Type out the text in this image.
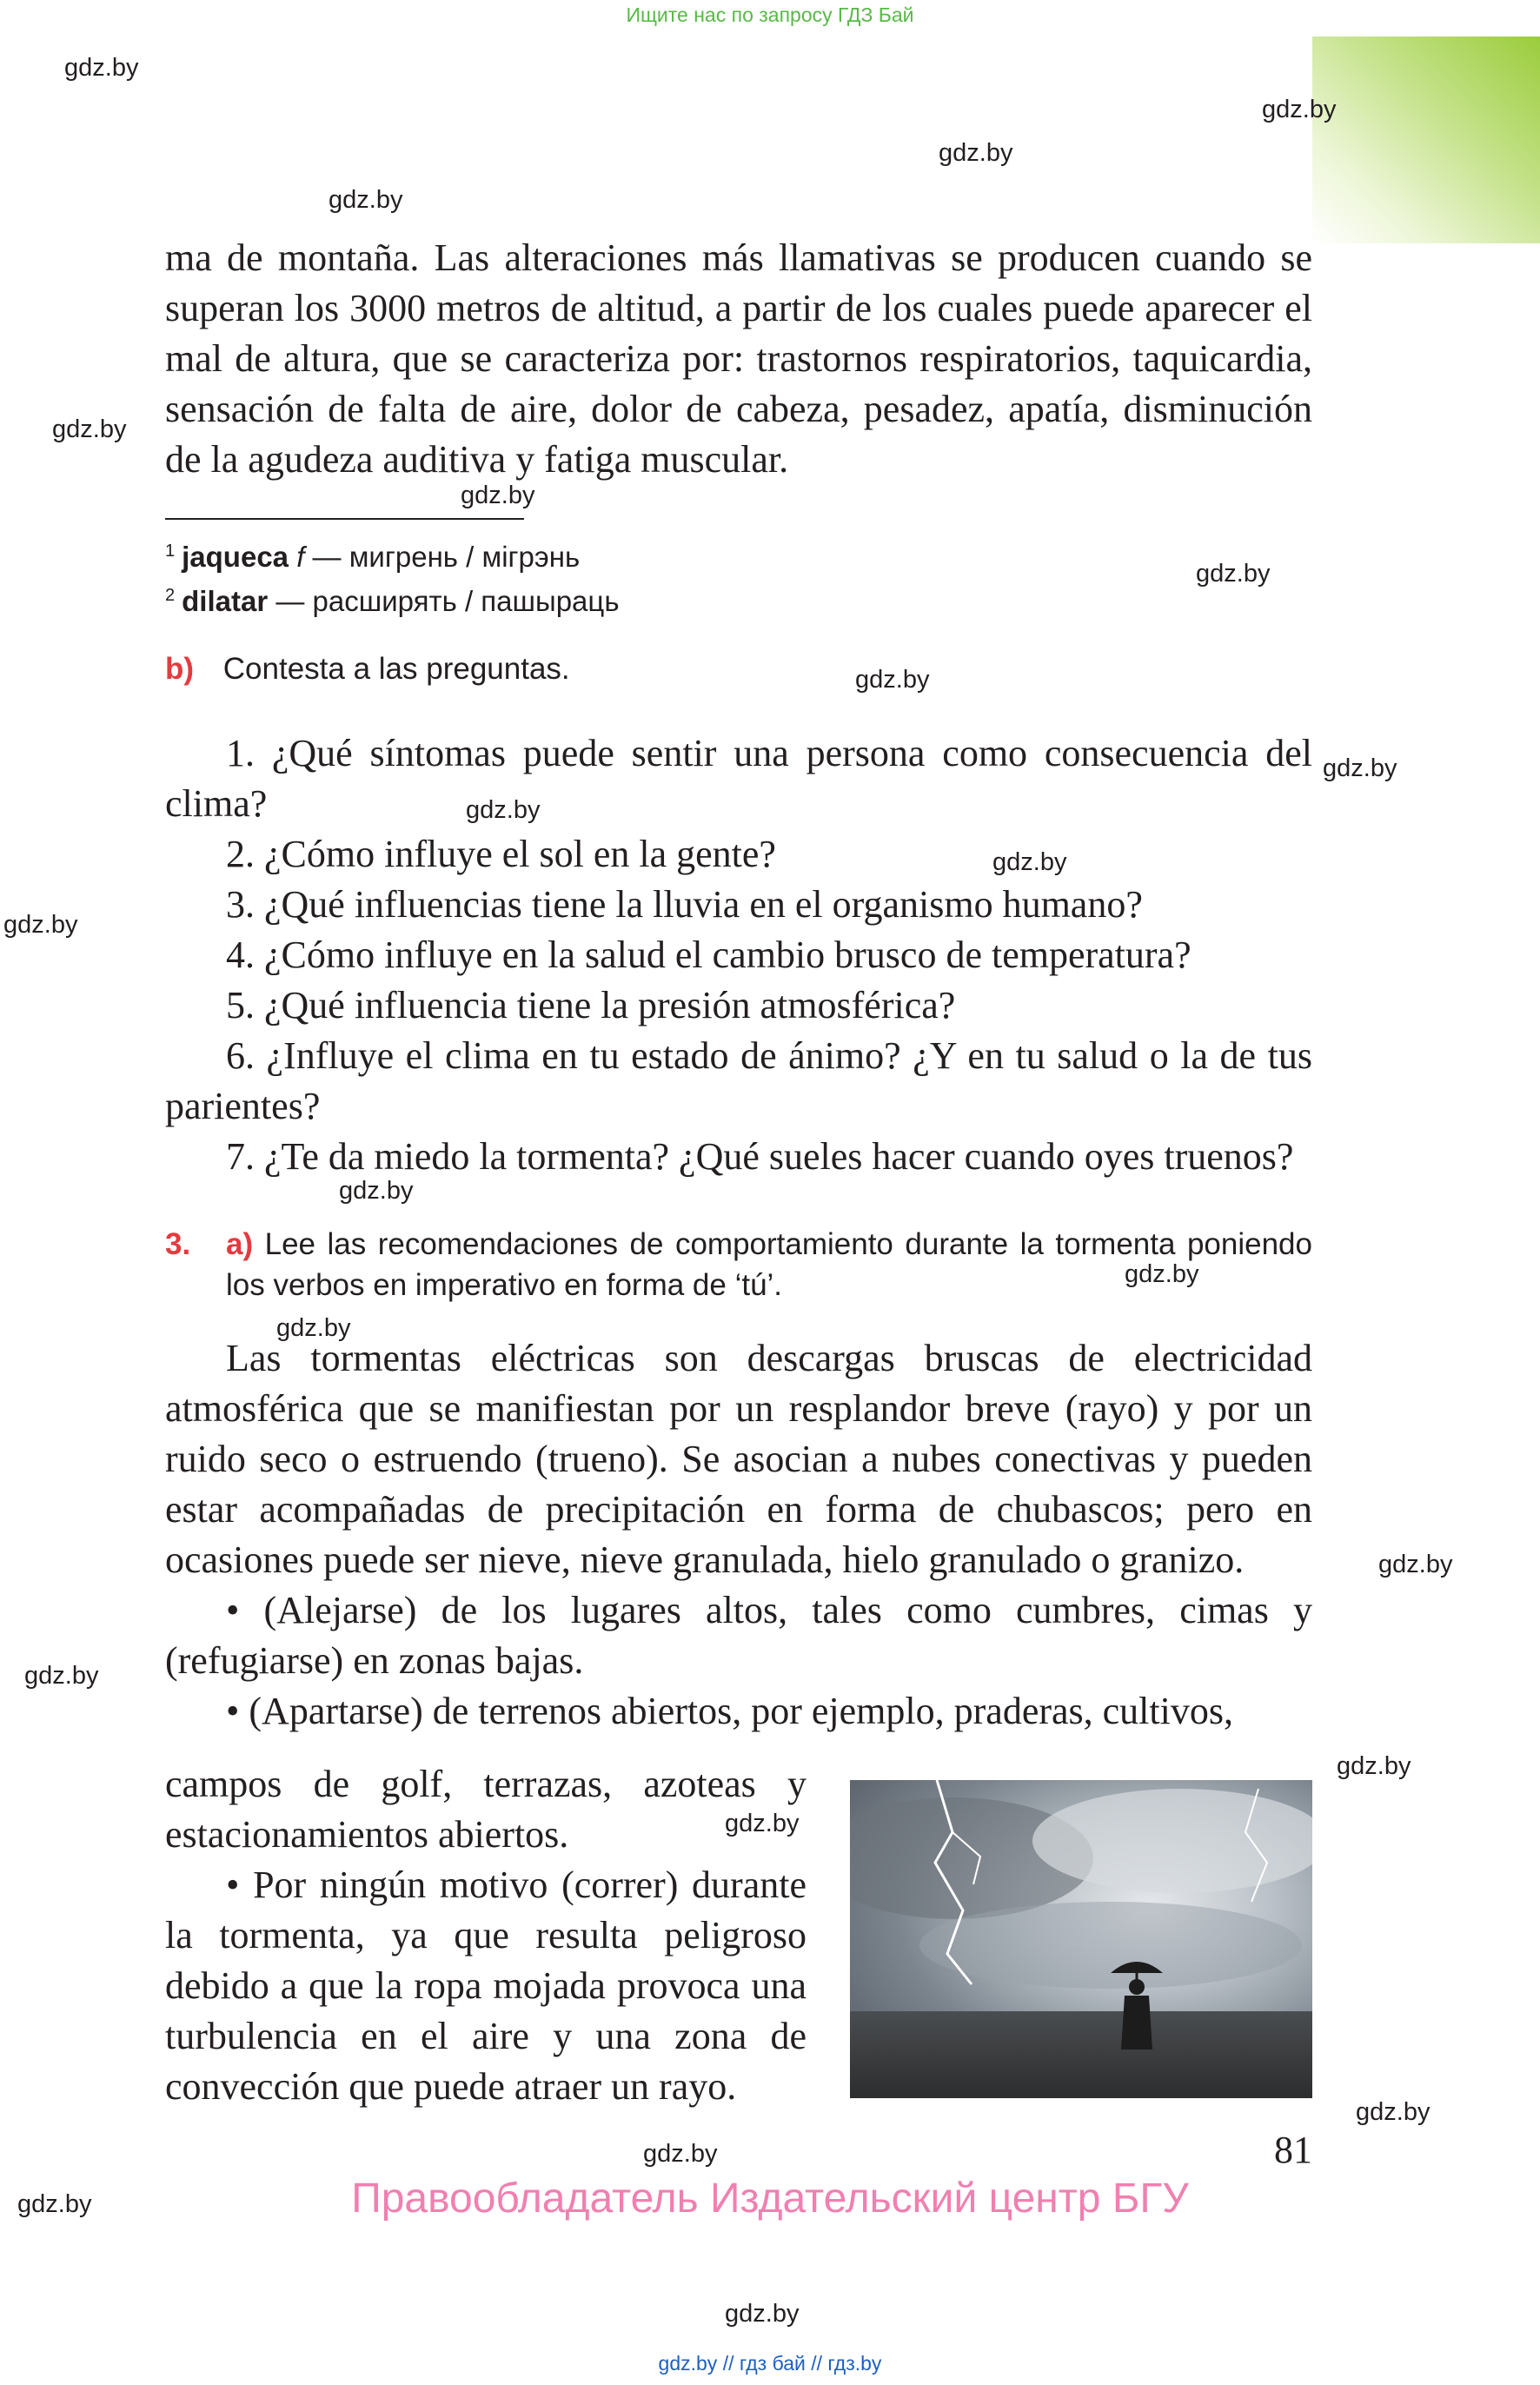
Ищите нас по запросу ГДЗ Бай
gdz.by
gdz.by
gdz.by
gdz.by
gdz.by
gdz.by
gdz.by
gdz.by
gdz.by
gdz.by
gdz.by
gdz.by
gdz.by
gdz.by
gdz.by
gdz.by
gdz.by
gdz.by
gdz.by
gdz.by
gdz.by
gdz.by
gdz.by
ma de montaña. Las alteraciones más llamativas se producen cuando se superan los 3000 metros de altitud, a partir de los cuales puede aparecer el mal de altura, que se caracteriza por: trastornos respiratorios, taquicardia, sensación de falta de aire, dolor de cabeza, pesadez, apatía, disminución de la agudeza auditiva y fatiga muscular.
$^1$ jaqueca f — мигрень / мігрэнь
$^2$ dilatar — расширять / пашыраць
b) Contesta a las preguntas.

1. ¿Qué síntomas puede sentir una persona como consecuencia del clima?

2. ¿Cómo influye el sol en la gente?

3. ¿Qué influencias tiene la lluvia en el organismo humano?

4. ¿Cómo influye en la salud el cambio brusco de temperatura?

5. ¿Qué influencia tiene la presión atmosférica?

6. ¿Influye el clima en tu estado de ánimo? ¿Y en tu salud o la de tus parientes?

7. ¿Te da miedo la tormenta? ¿Qué sueles hacer cuando oyes truenos?

3. a) Lee las recomendaciones de comportamiento durante la tormenta poniendo los verbos en imperativo en forma de ‘tú’.

Las tormentas eléctricas son descargas bruscas de electricidad atmosférica que se manifiestan por un resplandor breve (rayo) y por un ruido seco o estruendo (trueno). Se asocian a nubes conectivas y pueden estar acompañadas de precipitación en forma de chubascos; pero en ocasiones puede ser nieve, nieve granulada, hielo granulado o granizo.

• (Alejarse) de los lugares altos, tales como cumbres, cimas y (refugiarse) en zonas bajas.

• (Apartarse) de terrenos abiertos, por ejemplo, praderas, cultivos,

campos de golf, terrazas, azoteas y estacionamientos abiertos.

• Por ningún motivo (correr) durante la tormenta, ya que resulta peligroso debido a que la ropa mojada provoca una turbulencia en el aire y una zona de convección que puede atraer un rayo.

81
Правообладатель Издательский центр БГУ
gdz.by // гдз бай // гдз.by
